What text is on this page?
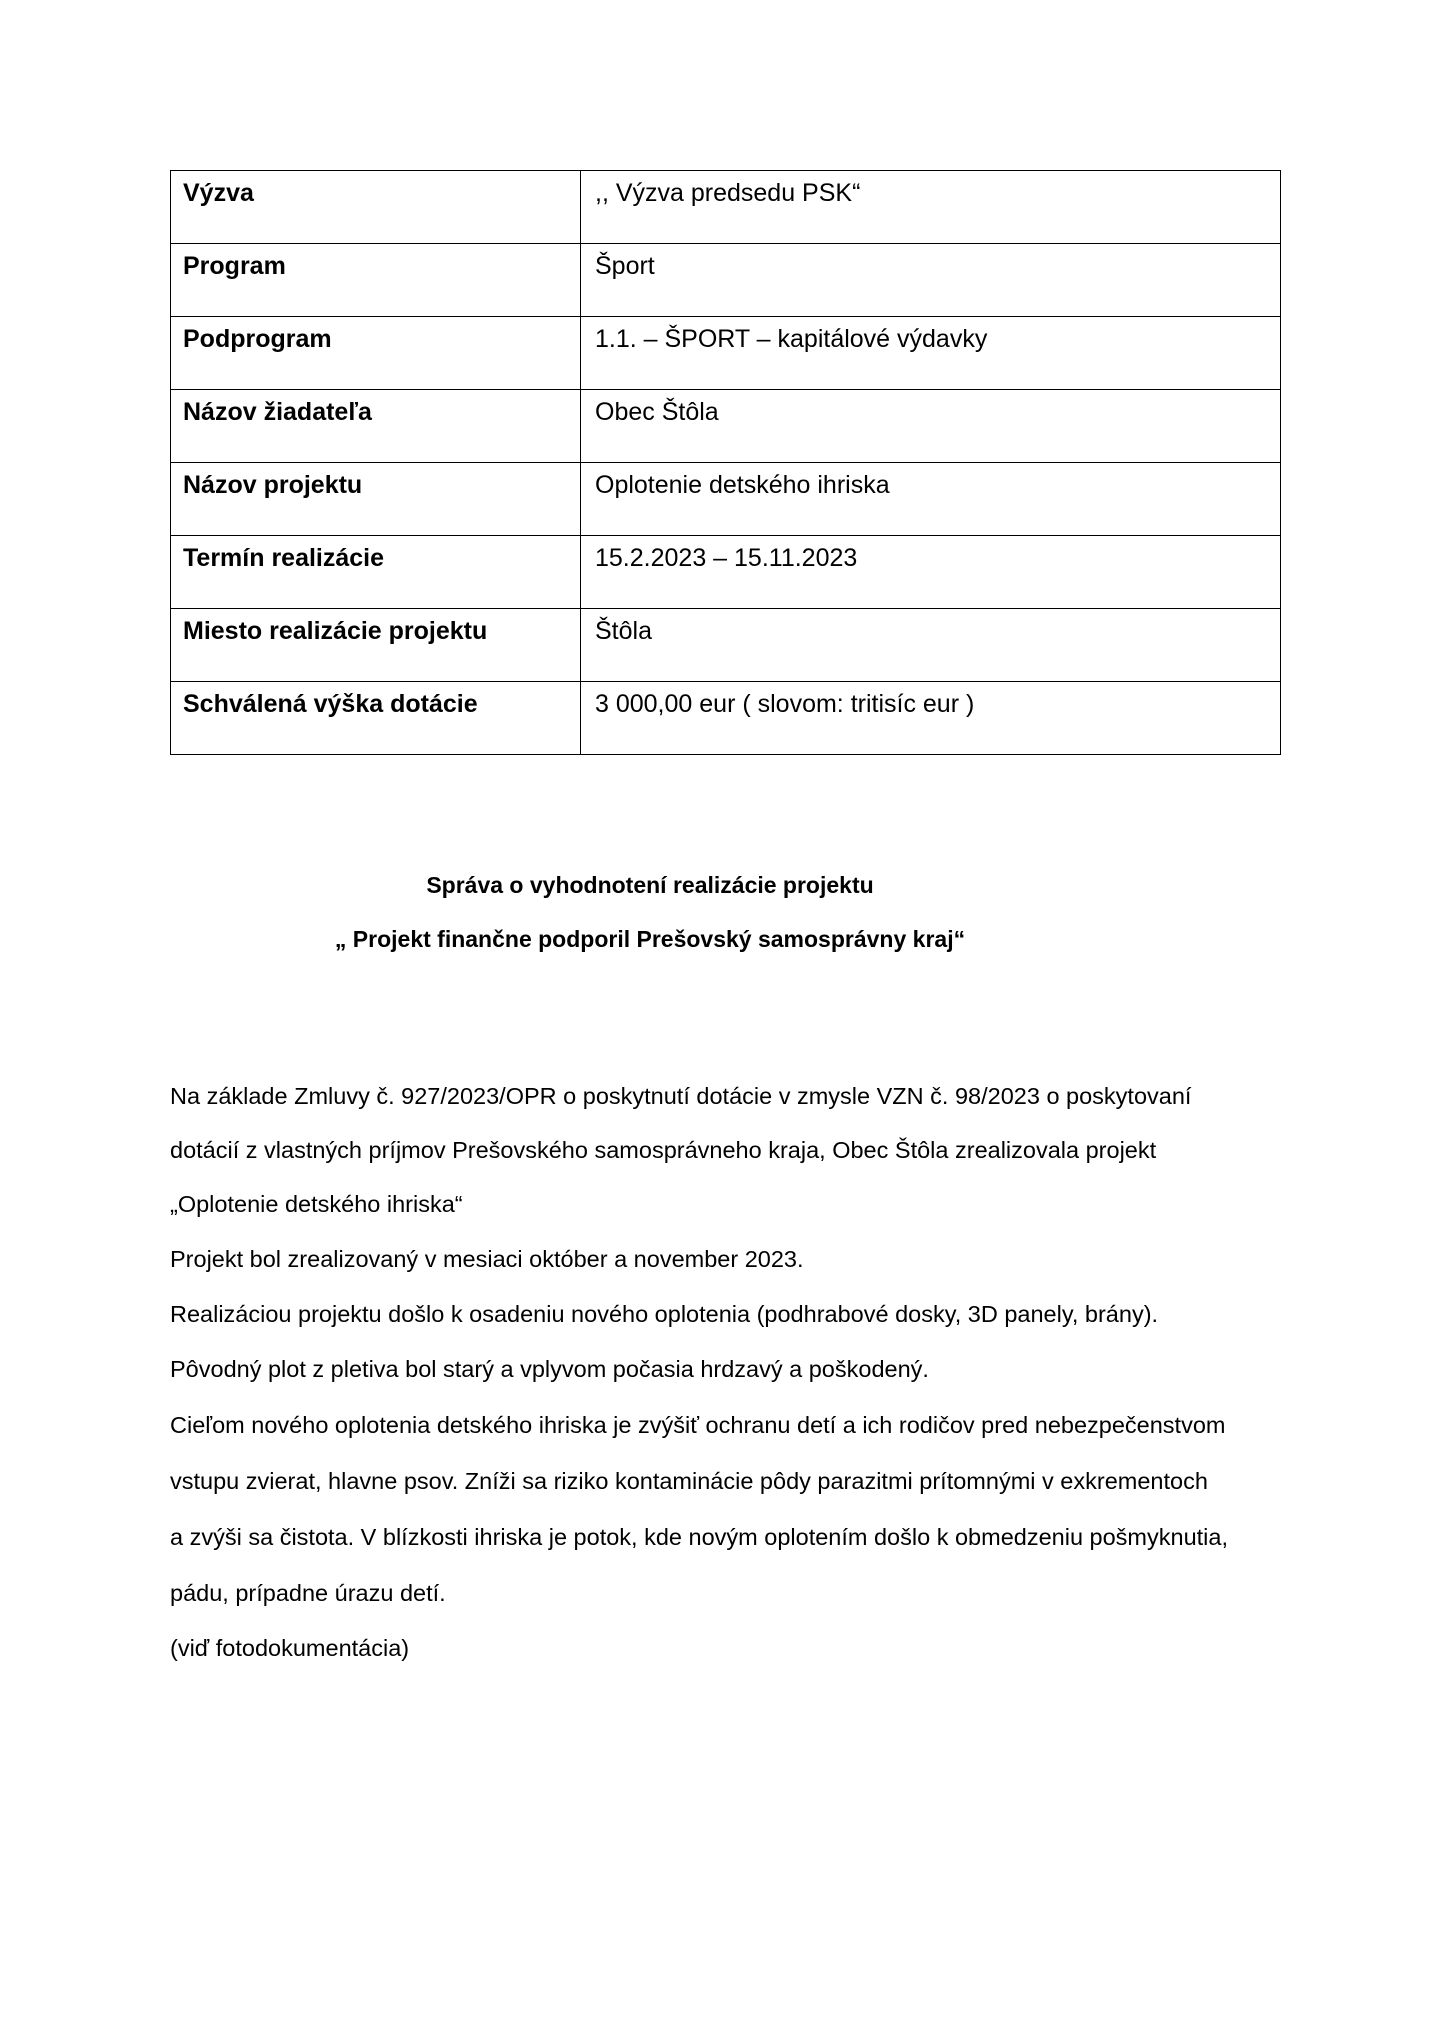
Výzva	,, Výzva predsedu PSK“
Program	Šport
Podprogram	1.1. – ŠPORT – kapitálové výdavky
Názov žiadateľa	Obec Štôla
Názov projektu	Oplotenie detského ihriska
Termín realizácie	15.2.2023 – 15.11.2023
Miesto realizácie projektu	Štôla
Schválená výška dotácie	3 000,00 eur ( slovom: tritisíc eur )
Správa o vyhodnotení realizácie projektu
„ Projekt finančne podporil Prešovský samosprávny kraj“
Na základe Zmluvy č. 927/2023/OPR o poskytnutí dotácie v zmysle VZN č. 98/2023 o poskytovaní
dotácií z vlastných príjmov Prešovského samosprávneho kraja, Obec Štôla zrealizovala projekt
„Oplotenie detského ihriska“
Projekt bol zrealizovaný v mesiaci október a november 2023.
Realizáciou projektu došlo k osadeniu nového oplotenia (podhrabové dosky, 3D panely, brány).
Pôvodný plot z pletiva bol starý a vplyvom počasia hrdzavý a poškodený.
Cieľom nového oplotenia detského ihriska je zvýšiť ochranu detí a ich rodičov pred nebezpečenstvom
vstupu zvierat, hlavne psov. Zníži sa riziko kontaminácie pôdy parazitmi prítomnými v exkrementoch
a zvýši sa čistota. V blízkosti ihriska je potok, kde novým oplotením došlo k obmedzeniu pošmyknutia,
pádu, prípadne úrazu detí.
(viď fotodokumentácia)
